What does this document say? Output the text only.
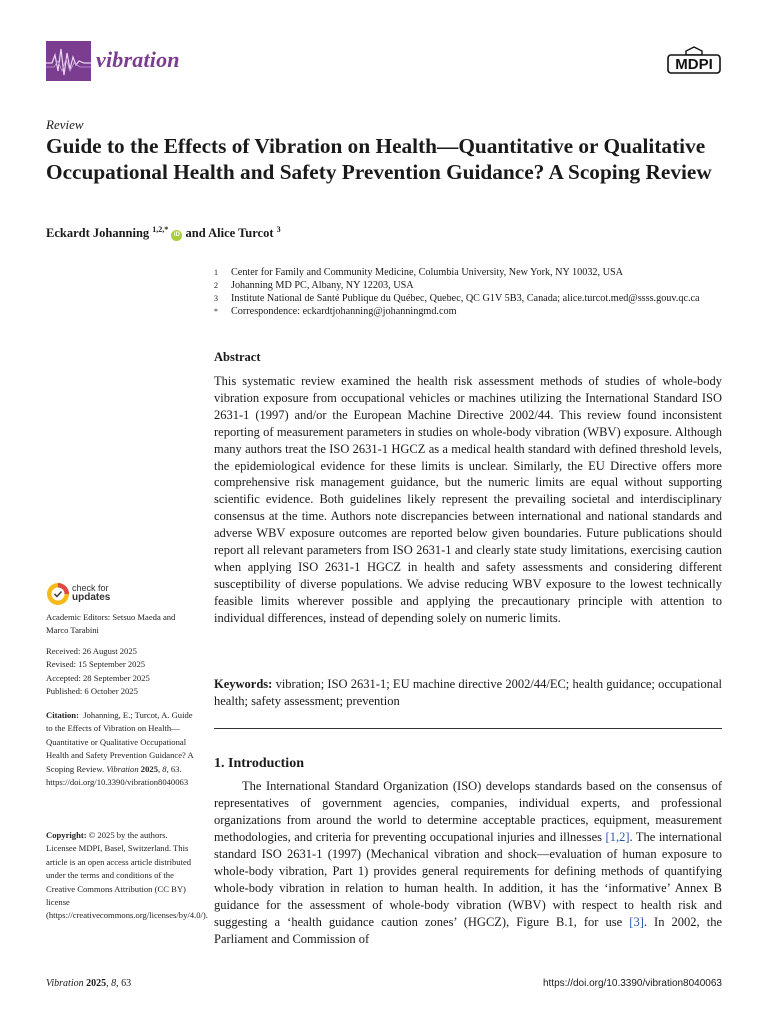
vibration	MDPI
Review
Guide to the Effects of Vibration on Health—Quantitative or Qualitative Occupational Health and Safety Prevention Guidance? A Scoping Review
Eckardt Johanning $^{1,2,*}$ iD and Alice Turcot $^3$
1	Center for Family and Community Medicine, Columbia University, New York, NY 10032, USA
2	Johanning MD PC, Albany, NY 12203, USA
3	Institute National de Santé Publique du Québec, Quebec, QC G1V 5B3, Canada; alice.turcot.med@ssss.gouv.qc.ca
*	Correspondence: eckardtjohanning@johanningmd.com
Abstract
This systematic review examined the health risk assessment methods of studies of whole-body vibration exposure from occupational vehicles or machines utilizing the International Standard ISO 2631-1 (1997) and/or the European Machine Directive 2002/44. This review found inconsistent reporting of measurement parameters in studies on whole-body vibration (WBV) exposure. Although many authors treat the ISO 2631-1 HGCZ as a medical health standard with defined threshold levels, the epidemiological evidence for these limits is unclear. Similarly, the EU Directive offers more comprehensive risk management guidance, but the numeric limits are equal without supporting scientific evidence. Both guidelines likely represent the prevailing societal and interdisciplinary consensus at the time. Authors note discrepancies between international and national standards and adverse WBV exposure outcomes are reported below given boundaries. Future publications should report all relevant parameters from ISO 2631-1 and clearly state study limitations, exercising caution when applying ISO 2631-1 HGCZ in health and safety assessments and considering different susceptibility of diverse populations. We advise reducing WBV exposure to the lowest technically feasible limits wherever possible and applying the precautionary principle with attention to individual differences, instead of depending solely on numeric limits.
Keywords: vibration; ISO 2631-1; EU machine directive 2002/44/EC; health guidance; occupational health; safety assessment; prevention
1. Introduction
The International Standard Organization (ISO) develops standards based on the consensus of representatives of government agencies, companies, individual experts, and professional organizations from around the world to determine acceptable practices, equipment, measurement methodologies, and criteria for preventing occupational injuries and illnesses [1,2]. The international standard ISO 2631-1 (1997) (Mechanical vibration and shock—evaluation of human exposure to whole-body vibration, Part 1) provides general requirements for defining methods of quantifying whole-body vibration in relation to human health. In addition, it has the ‘informative’ Annex B guidance for the assessment of whole-body vibration (WBV) with respect to health risk and suggesting a ‘health guidance caution zones’ (HGCZ), Figure B.1, for use [3]. In 2002, the Parliament and Commission of
check for
updates
Academic Editors: Setsuo Maeda and Marco Tarabini
Received: 26 August 2025
Revised: 15 September 2025
Accepted: 28 September 2025
Published: 6 October 2025
Citation: Johanning, E.; Turcot, A. Guide to the Effects of Vibration on Health—Quantitative or Qualitative Occupational Health and Safety Prevention Guidance? A Scoping Review. Vibration 2025, 8, 63. https://doi.org/10.3390/vibration8040063
Copyright: © 2025 by the authors. Licensee MDPI, Basel, Switzerland. This article is an open access article distributed under the terms and conditions of the Creative Commons Attribution (CC BY) license (https://creativecommons.org/licenses/by/4.0/).
Vibration 2025, 8, 63	https://doi.org/10.3390/vibration8040063
